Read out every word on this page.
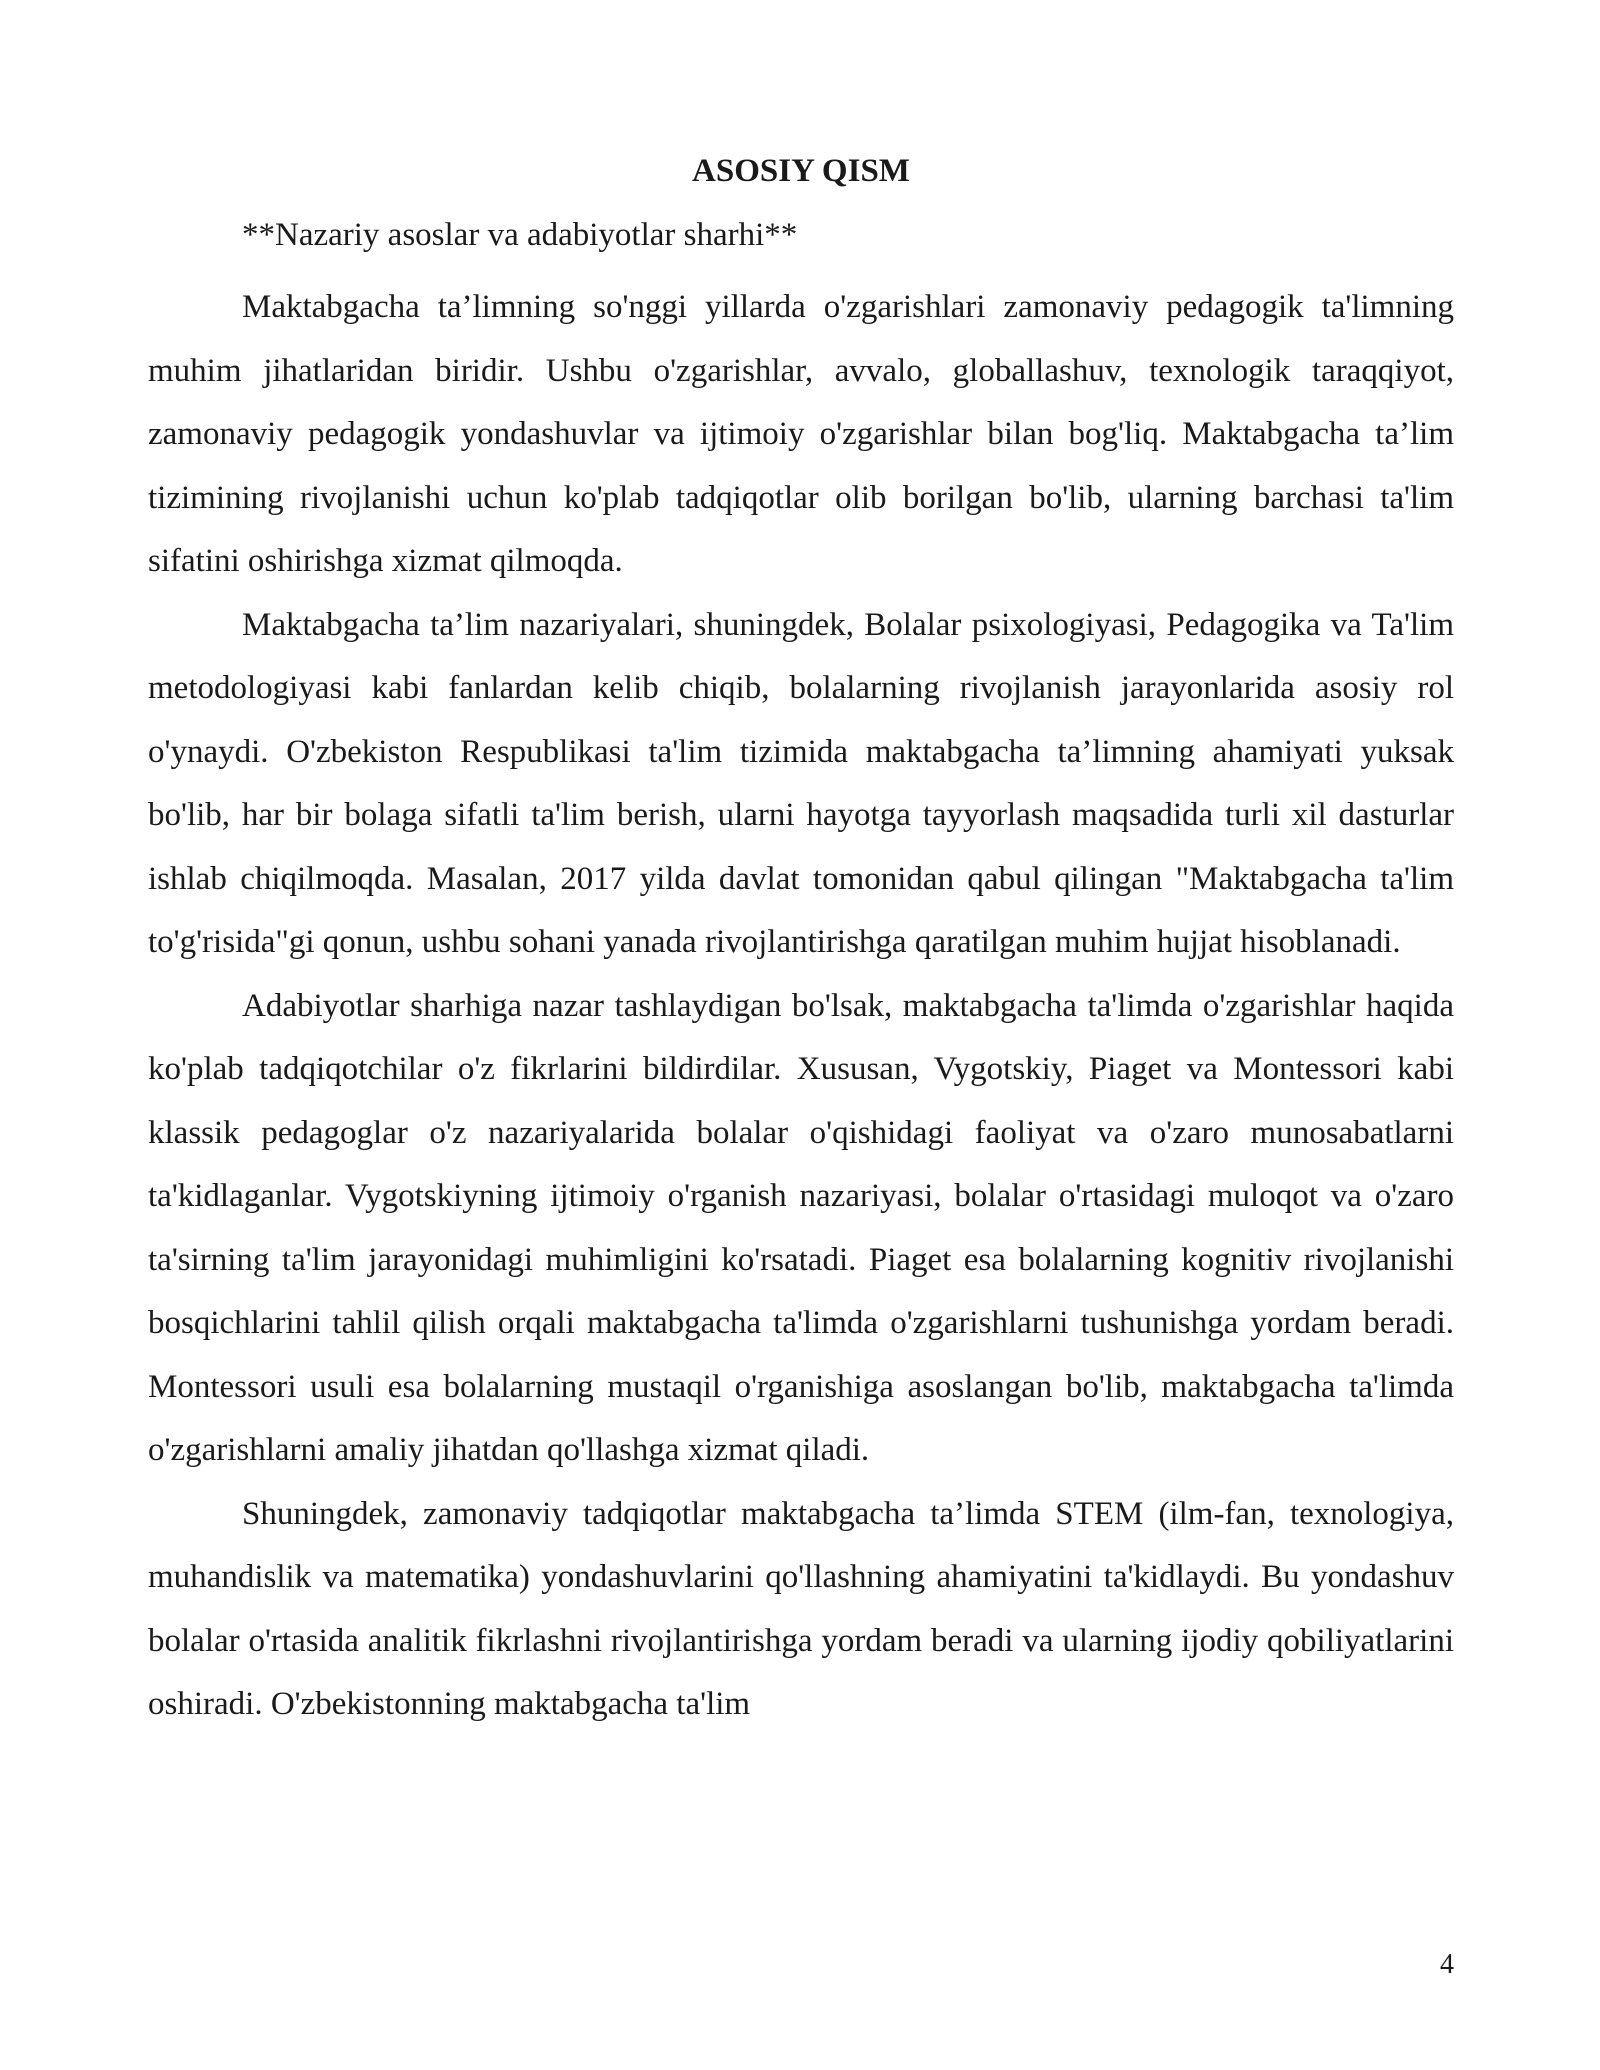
ASOSIY QISM

**Nazariy asoslar va adabiyotlar sharhi**

Maktabgacha ta’limning so'nggi yillarda o'zgarishlari zamonaviy pedagogik ta'limning muhim jihatlaridan biridir. Ushbu o'zgarishlar, avvalo, globallashuv, texnologik taraqqiyot, zamonaviy pedagogik yondashuvlar va ijtimoiy o'zgarishlar bilan bog'liq. Maktabgacha ta’lim tizimining rivojlanishi uchun ko'plab tadqiqotlar olib borilgan bo'lib, ularning barchasi ta'lim sifatini oshirishga xizmat qilmoqda.

Maktabgacha ta’lim nazariyalari, shuningdek, Bolalar psixologiyasi, Pedagogika va Ta'lim metodologiyasi kabi fanlardan kelib chiqib, bolalarning rivojlanish jarayonlarida asosiy rol o'ynaydi. O'zbekiston Respublikasi ta'lim tizimida maktabgacha ta’limning ahamiyati yuksak bo'lib, har bir bolaga sifatli ta'lim berish, ularni hayotga tayyorlash maqsadida turli xil dasturlar ishlab chiqilmoqda. Masalan, 2017 yilda davlat tomonidan qabul qilingan "Maktabgacha ta'lim to'g'risida"gi qonun, ushbu sohani yanada rivojlantirishga qaratilgan muhim hujjat hisoblanadi.

Adabiyotlar sharhiga nazar tashlaydigan bo'lsak, maktabgacha ta'limda o'zgarishlar haqida ko'plab tadqiqotchilar o'z fikrlarini bildirdilar. Xususan, Vygotskiy, Piaget va Montessori kabi klassik pedagoglar o'z nazariyalarida bolalar o'qishidagi faoliyat va o'zaro munosabatlarni ta'kidlaganlar. Vygotskiyning ijtimoiy o'rganish nazariyasi, bolalar o'rtasidagi muloqot va o'zaro ta'sirning ta'lim jarayonidagi muhimligini ko'rsatadi. Piaget esa bolalarning kognitiv rivojlanishi bosqichlarini tahlil qilish orqali maktabgacha ta'limda o'zgarishlarni tushunishga yordam beradi. Montessori usuli esa bolalarning mustaqil o'rganishiga asoslangan bo'lib, maktabgacha ta'limda o'zgarishlarni amaliy jihatdan qo'llashga xizmat qiladi.

Shuningdek, zamonaviy tadqiqotlar maktabgacha ta’limda STEM (ilm-fan, texnologiya, muhandislik va matematika) yondashuvlarini qo'llashning ahamiyatini ta'kidlaydi. Bu yondashuv bolalar o'rtasida analitik fikrlashni rivojlantirishga yordam beradi va ularning ijodiy qobiliyatlarini oshiradi. O'zbekistonning maktabgacha ta'lim

4
